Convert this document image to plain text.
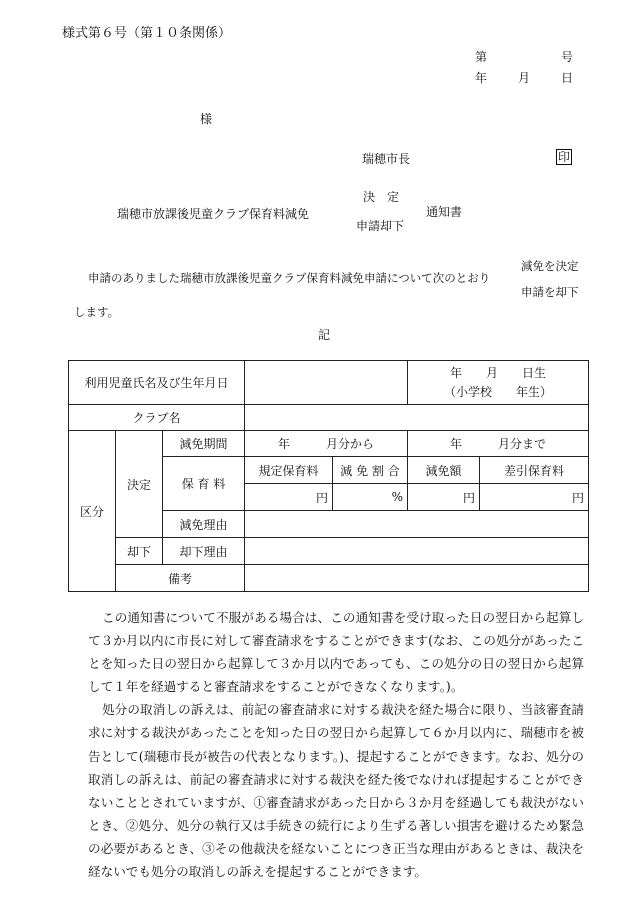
様式第６号（第１０条関係）
第	号
年	月	日
様
瑞穂市長	印
瑞穂市放課後児童クラブ保育料減免
決　定
申請却下
通知書
減免を決定
申請のありました瑞穂市放課後児童クラブ保育料減免申請について次のとおり
申請を却下
します。
記
利用児童氏名及び生年月日					年　　月　　日生
（小学校　　年生）	

クラブ名						
区分	決定	減免期間	年　　　月分から		年　　　月分まで	
		保 育 料	規定保育料	減 免 割 合	減免額	差引保育料
			円	%	円	円
		減免理由				
	却下	却下理由				
	備考					

この通知書について不服がある場合は、この通知書を受け取った日の翌日から起算して３か月以内に市長に対して審査請求をすることができます(なお、この処分があったことを知った日の翌日から起算して３か月以内であっても、この処分の日の翌日から起算して１年を経過すると審査請求をすることができなくなります。)。

処分の取消しの訴えは、前記の審査請求に対する裁決を経た場合に限り、当該審査請求に対する裁決があったことを知った日の翌日から起算して６か月以内に、瑞穂市を被告として(瑞穂市長が被告の代表となります。)、提起することができます。なお、処分の取消しの訴えは、前記の審査請求に対する裁決を経た後でなければ提起することができないこととされていますが、①審査請求があった日から３か月を経過しても裁決がないとき、②処分、処分の執行又は手続きの続行により生ずる著しい損害を避けるため緊急の必要があるとき、③その他裁決を経ないことにつき正当な理由があるときは、裁決を経ないでも処分の取消しの訴えを提起することができます。
